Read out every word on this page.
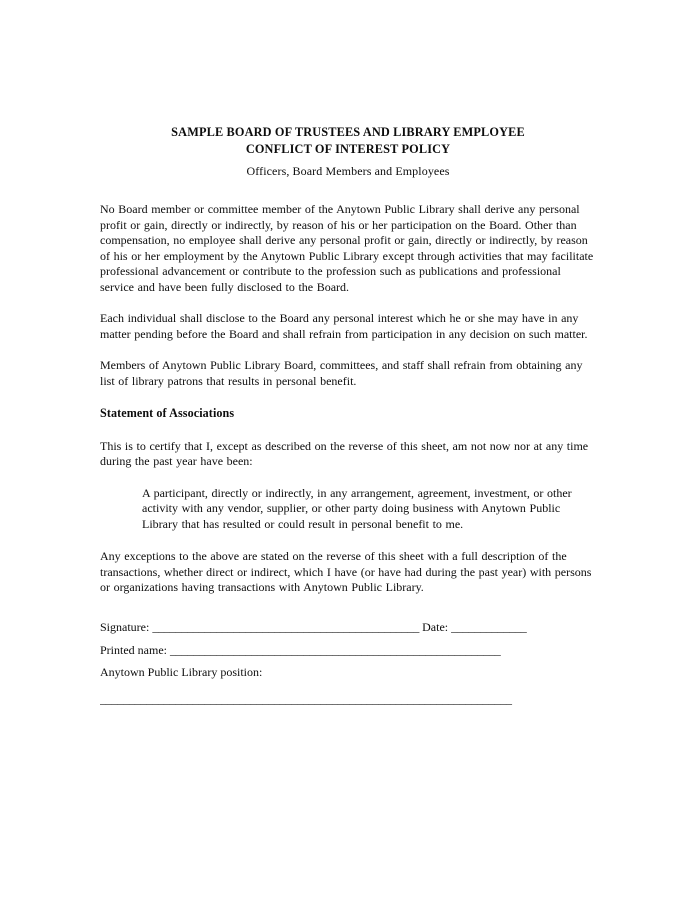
SAMPLE BOARD OF TRUSTEES AND LIBRARY EMPLOYEE
CONFLICT OF INTEREST POLICY

Officers, Board Members and Employees

No Board member or committee member of the Anytown Public Library shall derive any personal profit or gain, directly or indirectly, by reason of his or her participation on the Board. Other than compensation, no employee shall derive any personal profit or gain, directly or indirectly, by reason of his or her employment by the Anytown Public Library except through activities that may facilitate professional advancement or contribute to the profession such as publications and professional service and have been fully disclosed to the Board.

Each individual shall disclose to the Board any personal interest which he or she may have in any matter pending before the Board and shall refrain from participation in any decision on such matter.

Members of Anytown Public Library Board, committees, and staff shall refrain from obtaining any list of library patrons that results in personal benefit.

Statement of Associations

This is to certify that I, except as described on the reverse of this sheet, am not now nor at any time during the past year have been:

A participant, directly or indirectly, in any arrangement, agreement, investment, or other activity with any vendor, supplier, or other party doing business with Anytown Public Library that has resulted or could result in personal benefit to me.

Any exceptions to the above are stated on the reverse of this sheet with a full description of the transactions, whether direct or indirect, which I have (or have had during the past year) with persons or organizations having transactions with Anytown Public Library.

Signature: ______________________________________________ Date: _____________

Printed name: _________________________________________________________

Anytown Public Library position:

_______________________________________________________________________
